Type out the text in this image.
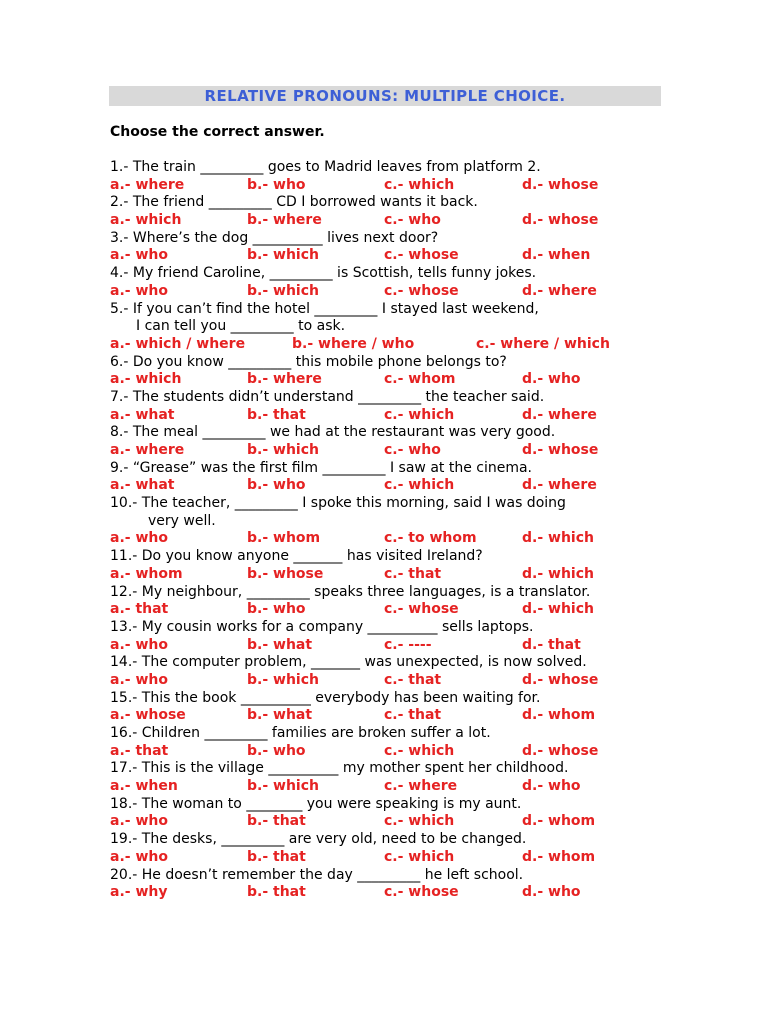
RELATIVE PRONOUNS: MULTIPLE CHOICE.
Choose the correct answer.
1.- The train _________ goes to Madrid leaves from platform 2.
a.- where	b.- who	c.- which	d.- whose
2.- The friend _________ CD I borrowed wants it back.
a.- which	b.- where	c.- who	d.- whose
3.- Where’s the dog __________ lives next door?
a.- who	b.- which	c.- whose	d.- when
4.- My friend Caroline, _________ is Scottish, tells funny jokes.
a.- who	b.- which	c.- whose	d.- where
5.- If you can’t find the hotel _________ I stayed last weekend,
I can tell you _________ to ask.
a.- which / where	b.- where / who	c.- where / which
6.- Do you know _________ this mobile phone belongs to?
a.- which	b.- where	c.- whom	d.- who
7.- The students didn’t understand _________ the teacher said.
a.- what	b.- that	c.- which	d.- where
8.- The meal _________ we had at the restaurant was very good.
a.- where	b.- which	c.- who	d.- whose
9.- “Grease” was the first film _________ I saw at the cinema.
a.- what	b.- who	c.- which	d.- where
10.- The teacher, _________ I spoke this morning, said I was doing
very well.
a.- who	b.- whom	c.- to whom	d.- which
11.- Do you know anyone _______ has visited Ireland?
a.- whom	b.- whose	c.- that	d.- which
12.- My neighbour, _________ speaks three languages, is a translator.
a.- that	b.- who	c.- whose	d.- which
13.- My cousin works for a company __________ sells laptops.
a.- who	b.- what	c.- ----	d.- that
14.- The computer problem, _______ was unexpected, is now solved.
a.- who	b.- which	c.- that	d.- whose
15.- This the book __________ everybody has been waiting for.
a.- whose	b.- what	c.- that	d.- whom
16.- Children _________ families are broken suffer a lot.
a.- that	b.- who	c.- which	d.- whose
17.- This is the village __________ my mother spent her childhood.
a.- when	b.- which	c.- where	d.- who
18.- The woman to ________ you were speaking is my aunt.
a.- who	b.- that	c.- which	d.- whom
19.- The desks, _________ are very old, need to be changed.
a.- who	b.- that	c.- which	d.- whom
20.- He doesn’t remember the day _________ he left school.
a.- why	b.- that	c.- whose	d.- who
